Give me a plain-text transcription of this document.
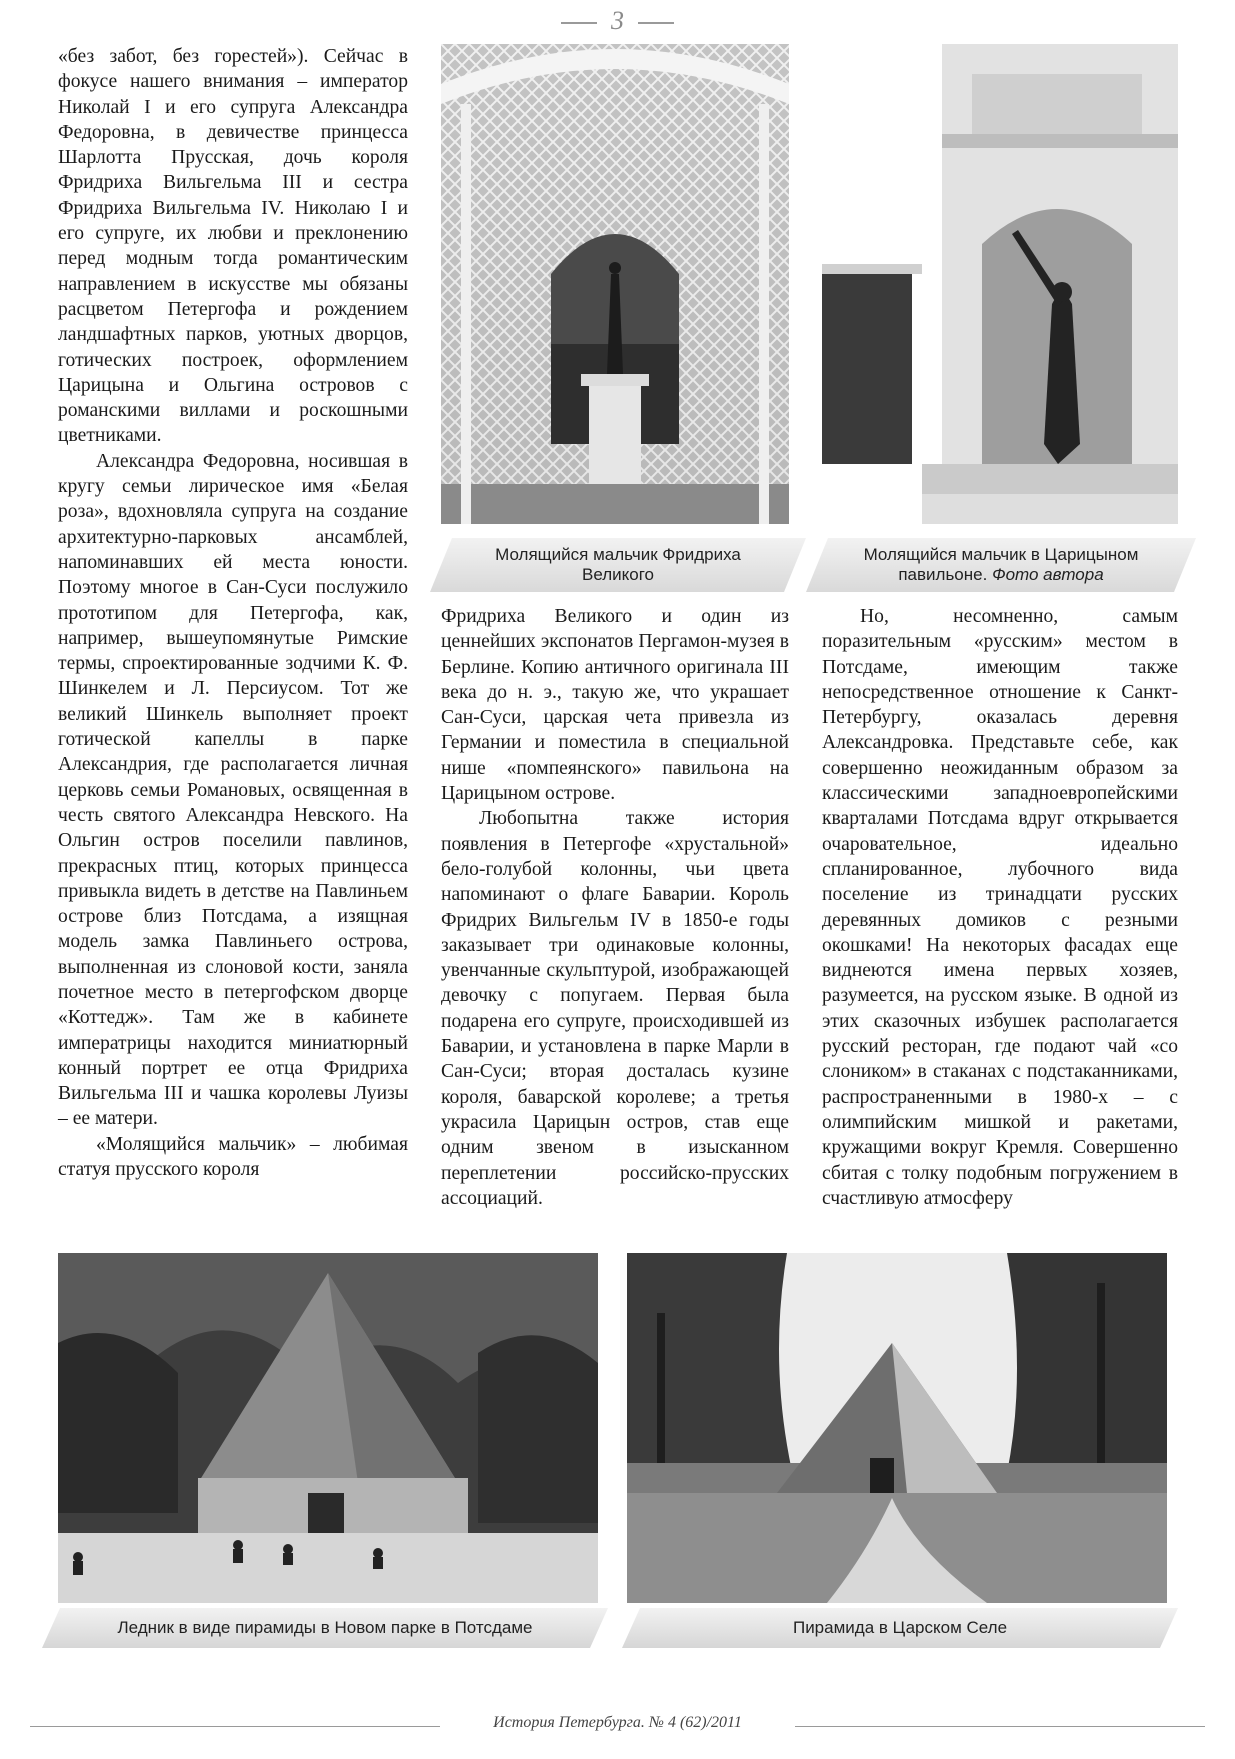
3

«без забот, без горестей»). Сейчас в фокусе нашего внимания – император Николай I и его супруга Александра Федоровна, в девичестве принцесса Шарлотта Прусская, дочь короля Фридриха Вильгельма III и сестра Фридриха Вильгельма IV. Николаю I и его супруге, их любви и преклонению перед модным тогда романтическим направлением в искусстве мы обязаны расцветом Петергофа и рождением ландшафтных парков, уютных дворцов, готических построек, оформлением Царицына и Ольгина островов с романскими виллами и роскошными цветниками.

Александра Федоровна, носившая в кругу семьи лирическое имя «Белая роза», вдохновляла супруга на создание архитектурно-парковых ансамблей, напоминавших ей места юности. Поэтому многое в Сан-Суси послужило прототипом для Петергофа, как, например, вышеупомянутые Римские термы, спроектированные зодчими К. Ф. Шинкелем и Л. Персиусом. Тот же великий Шинкель выполняет проект готической капеллы в парке Александрия, где располагается личная церковь семьи Романовых, освященная в честь святого Александра Невского. На Ольгин остров поселили павлинов, прекрасных птиц, которых принцесса привыкла видеть в детстве на Павлиньем острове близ Потсдама, а изящная модель замка Павлиньего острова, выполненная из слоновой кости, заняла почетное место в петергофском дворце «Коттедж». Там же в кабинете императрицы находится миниатюрный конный портрет ее отца Фридриха Вильгельма III и чашка королевы Луизы – ее матери.

«Молящийся мальчик» – любимая статуя прусского короля

Молящийся мальчик Фридриха Великого
Молящийся мальчик в Царицыном павильоне. Фото автора

Фридриха Великого и один из ценнейших экспонатов Пергамон-музея в Берлине. Копию античного оригинала III века до н. э., такую же, что украшает Сан-Суси, царская чета привезла из Германии и поместила в специальной нише «помпеянского» павильона на Царицыном острове.

Любопытна также история появления в Петергофе «хрустальной» бело-голубой колонны, чьи цвета напоминают о флаге Баварии. Король Фридрих Вильгельм IV в 1850-е годы заказывает три одинаковые колонны, увенчанные скульптурой, изображающей девочку с попугаем. Первая была подарена его супруге, происходившей из Баварии, и установлена в парке Марли в Сан-Суси; вторая досталась кузине короля, баварской королеве; а третья украсила Царицын остров, став еще одним звеном в изысканном переплетении российско-прусских ассоциаций.

Но, несомненно, самым поразительным «русским» местом в Потсдаме, имеющим также непосредственное отношение к Санкт-Петербургу, оказалась деревня Александровка. Представьте себе, как совершенно неожиданным образом за классическими западноевропейскими кварталами Потсдама вдруг открывается очаровательное, идеально спланированное, лубочного вида поселение из тринадцати русских деревянных домиков с резными окошками! На некоторых фасадах еще виднеются имена первых хозяев, разумеется, на русском языке. В одной из этих сказочных избушек располагается русский ресторан, где подают чай «со слоником» в стаканах с подстаканниками, распространенными в 1980-х – с олимпийским мишкой и ракетами, кружащими вокруг Кремля. Совершенно сбитая с толку подобным погружением в счастливую атмосферу

Ледник в виде пирамиды в Новом парке в Потсдаме	Пирамида в Царском Селе
История Петербурга. № 4 (62)/2011
